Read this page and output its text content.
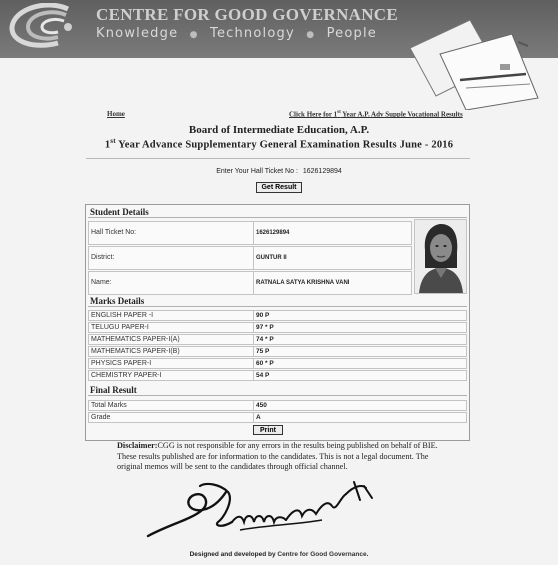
CENTRE FOR GOOD GOVERNANCE
Knowledge ● Technology ● People
Home	Click Here for 1st Year A.P. Adv Supple Vocational Results
Board of Intermediate Education, A.P.
1st Year Advance Supplementary General Examination Results June - 2016
Enter Your Hall Ticket No : 1626129894
Get Result
Student Details
Hall Ticket No:	1626129894
District:	GUNTUR II
Name:	RATNALA SATYA KRISHNA VANI
Marks Details
ENGLISH PAPER -I	90 P
TELUGU PAPER-I	97 * P
MATHEMATICS PAPER-I(A)	74 * P
MATHEMATICS PAPER-I(B)	75 P
PHYSICS PAPER-I	60 * P
CHEMISTRY PAPER-I	54 P
Final Result
Total Marks	450
Grade	A
Print
Disclaimer:CGG is not responsible for any errors in the results being published on behalf of BIE. These results published are for information to the candidates. This is not a legal document. The original memos will be sent to the candidates through official channel.
Designed and developed by Centre for Good Governance.
